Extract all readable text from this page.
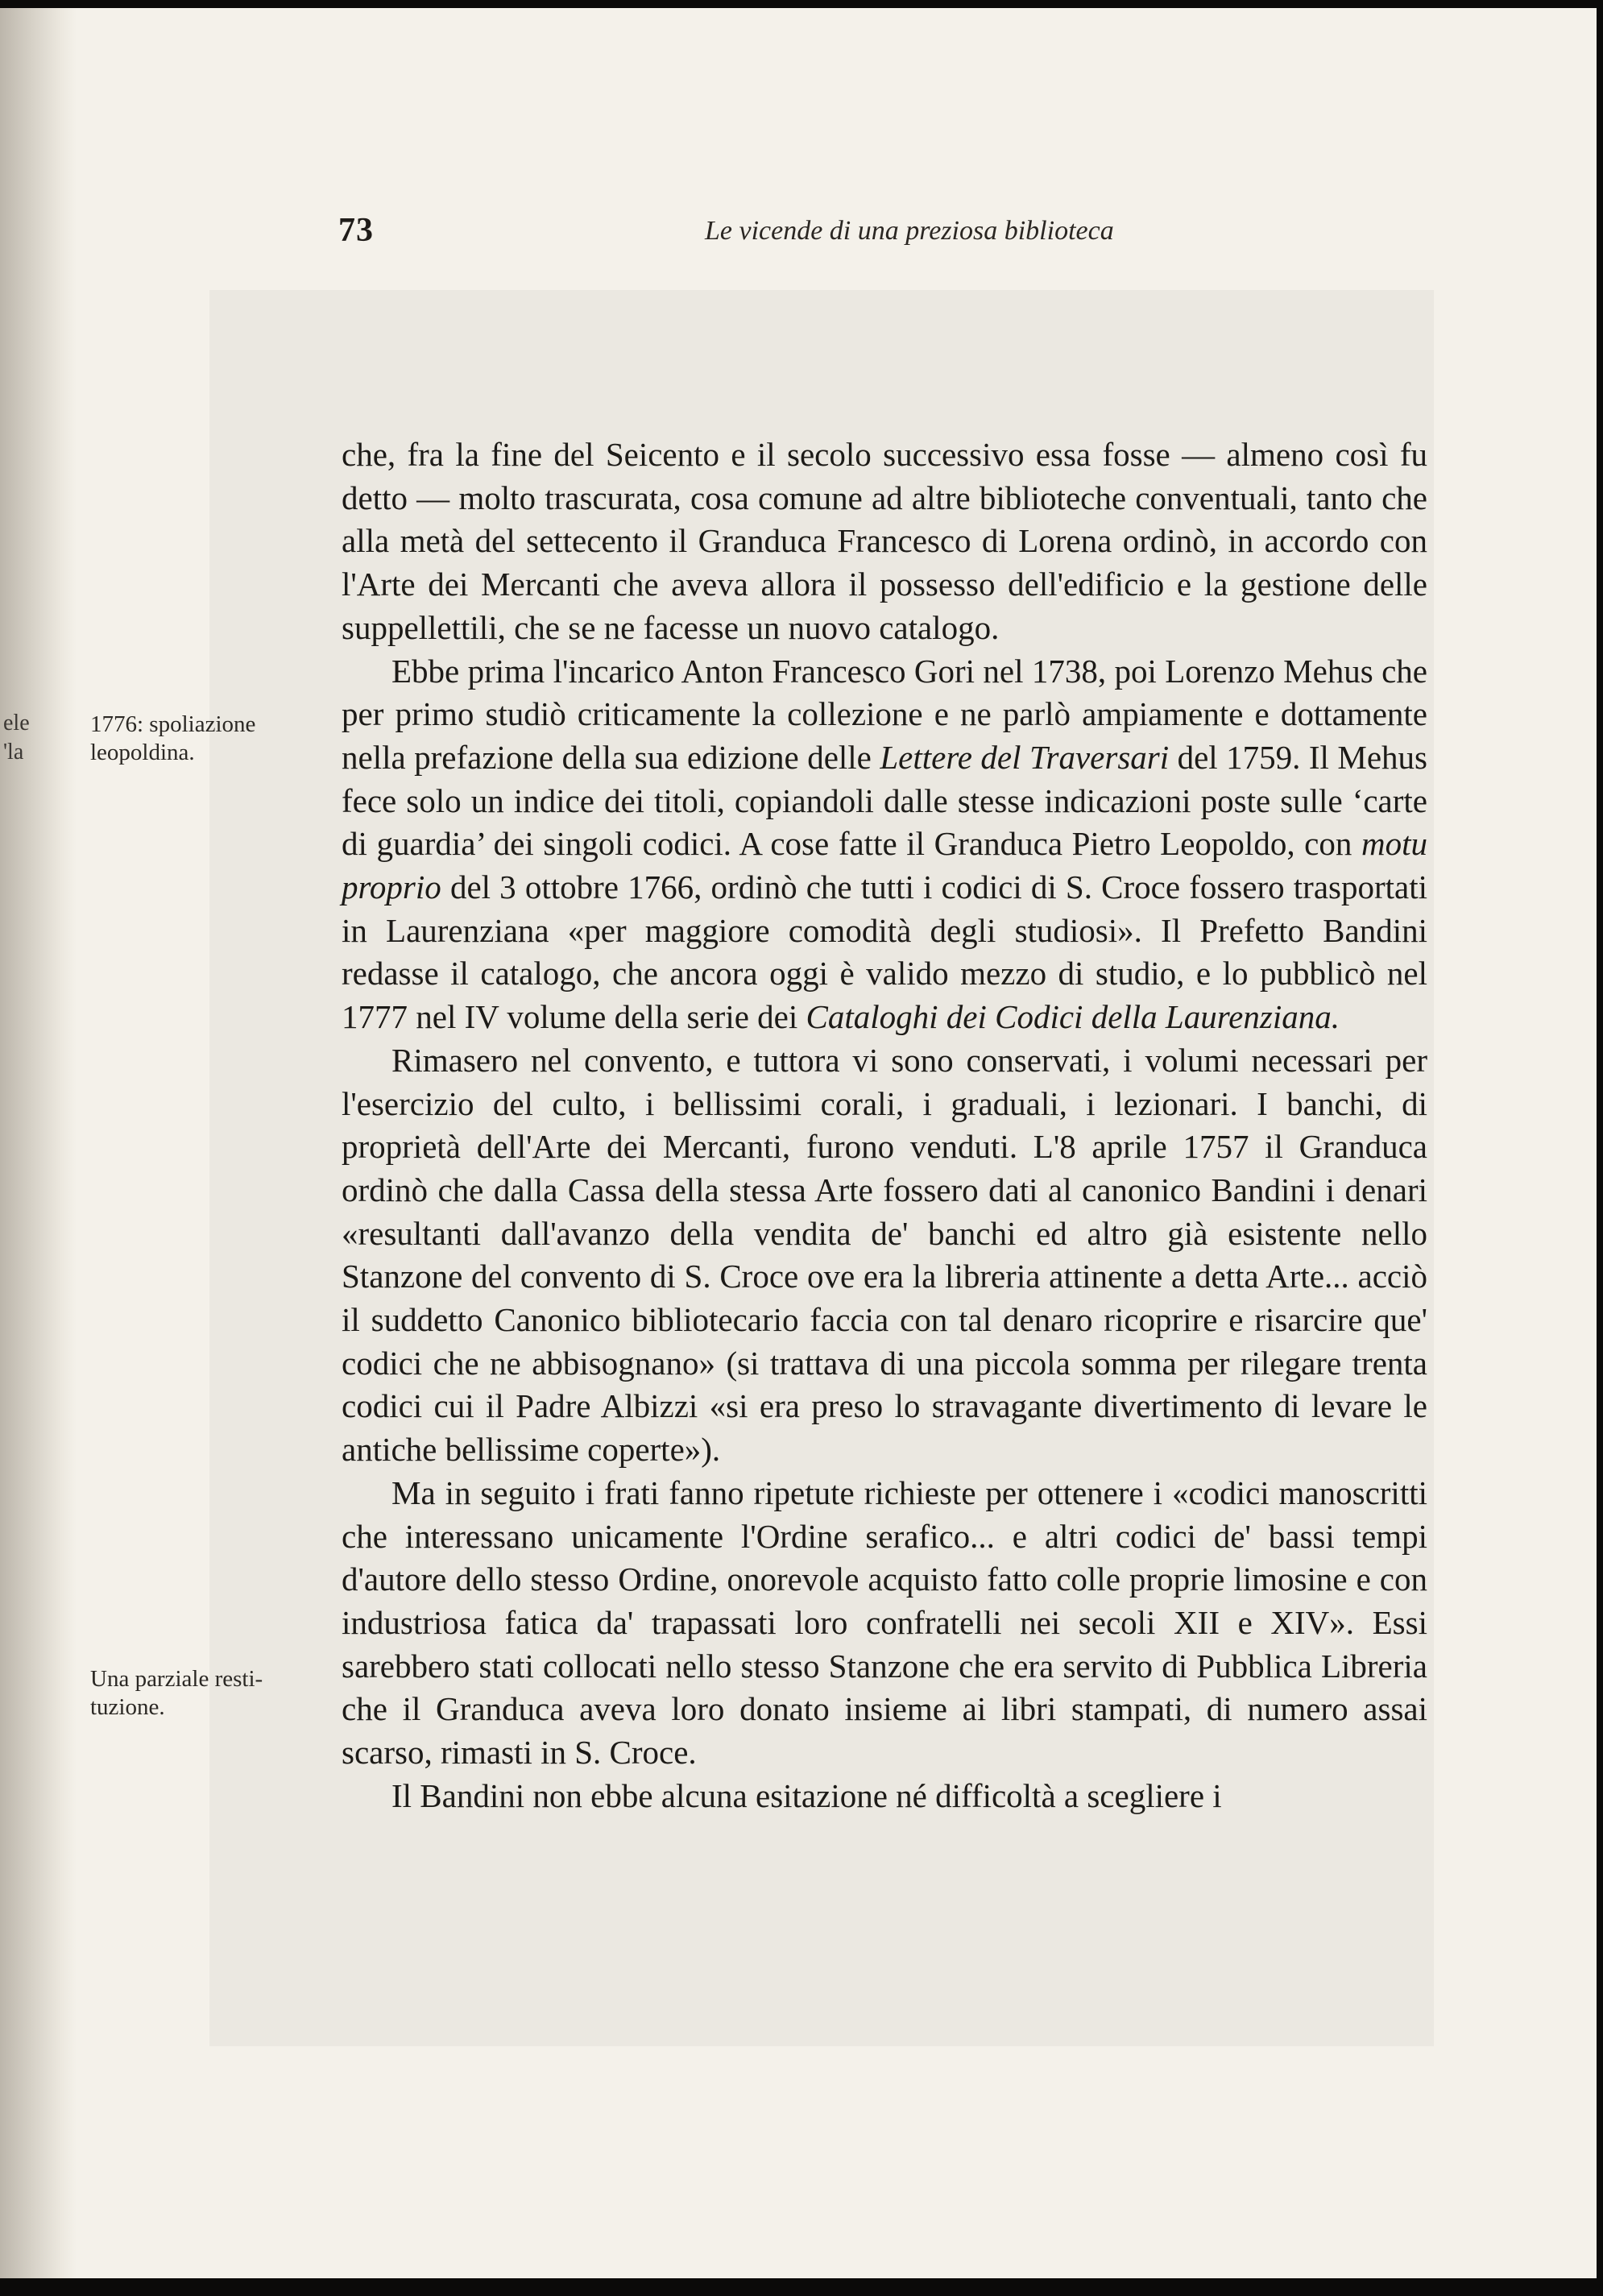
ele
'la
73	Le vicende di una preziosa biblioteca
1776: spoliazione leopoldina.
Una parziale resti-tuzione.

che, fra la fine del Seicento e il secolo successivo essa fosse — almeno così fu detto — molto trascurata, cosa comune ad altre biblioteche conventuali, tanto che alla metà del settecento il Granduca Francesco di Lorena ordinò, in accordo con l'Arte dei Mercanti che aveva allora il possesso dell'edificio e la gestione delle suppellettili, che se ne facesse un nuovo catalogo.

Ebbe prima l'incarico Anton Francesco Gori nel 1738, poi Lorenzo Mehus che per primo studiò criticamente la collezione e ne parlò ampiamente e dottamente nella prefazione della sua edizione delle Lettere del Traversari del 1759. Il Mehus fece solo un indice dei titoli, copiandoli dalle stesse indicazioni poste sulle ‘carte di guardia’ dei singoli codici. A cose fatte il Granduca Pietro Leopoldo, con motu proprio del 3 ottobre 1766, ordinò che tutti i codici di S. Croce fossero trasportati in Laurenziana «per maggiore comodità degli studiosi». Il Prefetto Bandini redasse il catalogo, che ancora oggi è valido mezzo di studio, e lo pubblicò nel 1777 nel IV volume della serie dei Cataloghi dei Codici della Laurenziana.

Rimasero nel convento, e tuttora vi sono conservati, i volumi necessari per l'esercizio del culto, i bellissimi corali, i graduali, i lezionari. I banchi, di proprietà dell'Arte dei Mercanti, furono venduti. L'8 aprile 1757 il Granduca ordinò che dalla Cassa della stessa Arte fossero dati al canonico Bandini i denari «resultanti dall'avanzo della vendita de' banchi ed altro già esistente nello Stanzone del convento di S. Croce ove era la libreria attinente a detta Arte... acciò il suddetto Canonico bibliotecario faccia con tal denaro ricoprire e risarcire que' codici che ne abbisognano» (si trattava di una piccola somma per rilegare trenta codici cui il Padre Albizzi «si era preso lo stravagante divertimento di levare le antiche bellissime coperte»).

Ma in seguito i frati fanno ripetute richieste per ottenere i «codici manoscritti che interessano unicamente l'Ordine serafico... e altri codici de' bassi tempi d'autore dello stesso Ordine, onorevole acquisto fatto colle proprie limosine e con industriosa fatica da' trapassati loro confratelli nei secoli XII e XIV». Essi sarebbero stati collocati nello stesso Stanzone che era servito di Pubblica Libreria che il Granduca aveva loro donato insieme ai libri stampati, di numero assai scarso, rimasti in S. Croce.

Il Bandini non ebbe alcuna esitazione né difficoltà a scegliere i
